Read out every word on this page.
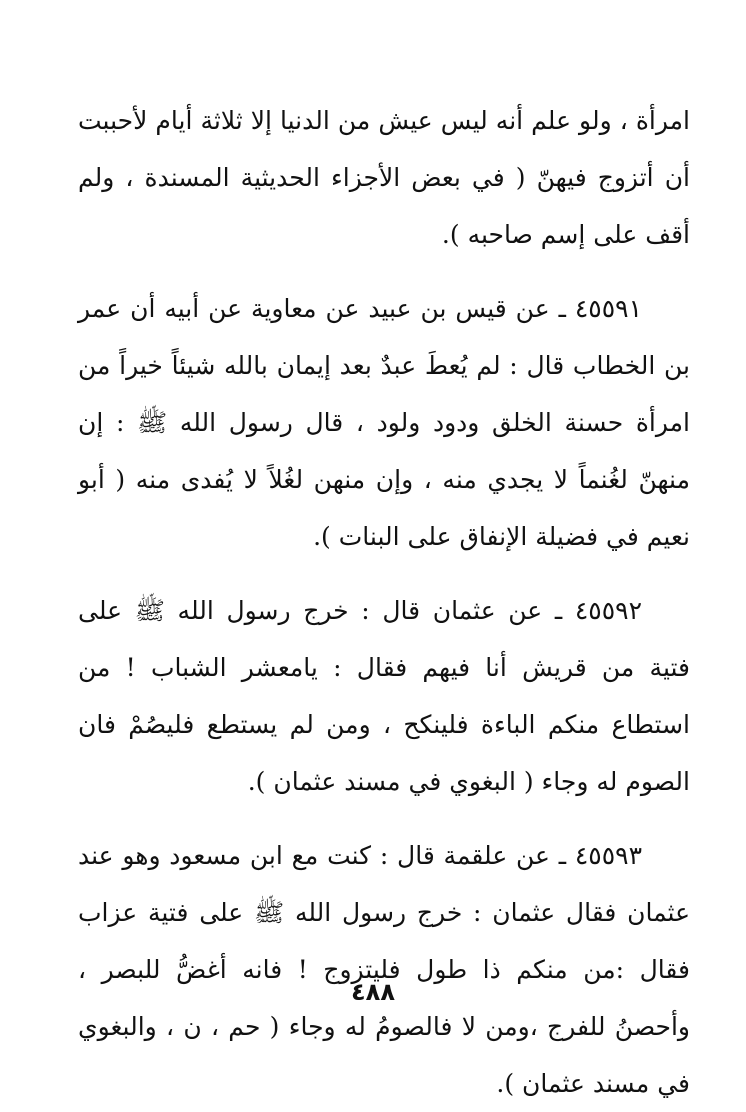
امرأة ، ولو علم أنه ليس عيش من الدنيا إلا ثلاثة أيام لأحببت أن أتزوج فيهنّ ( في بعض الأجزاء الحديثية المسندة ، ولم أقف على إسم صاحبه ).

٤٥٥٩١ ـ عن قيس بن عبيد عن معاوية عن أبيه أن عمر بن الخطاب قال : لم يُعطَ عبدٌ بعد إيمان بالله شيئاً خيراً من امرأة حسنة الخلق ودود ولود ، قال رسول الله ﷺ : إن منهنّ لغُنماً لا يجدي منه ، وإن منهن لغُلاً لا يُفدى منه ( أبو نعيم في فضيلة الإنفاق على البنات ).

٤٥٥٩٢ ـ عن عثمان قال : خرج رسول الله ﷺ على فتية من قريش أنا فيهم فقال : يامعشر الشباب ! من استطاع منكم الباءة فلينكح ، ومن لم يستطع فليصُمْ فان الصوم له وجاء ( البغوي في مسند عثمان ).

٤٥٥٩٣ ـ عن علقمة قال : كنت مع ابن مسعود وهو عند عثمان فقال عثمان : خرج رسول الله ﷺ على فتية عزاب فقال :من منكم ذا طول فليتزوج ! فانه أغضُّ للبصر ، وأحصنُ للفرج ،ومن لا فالصومُ له وجاء ( حم ، ن ، والبغوي في مسند عثمان ).

٤٨٨
